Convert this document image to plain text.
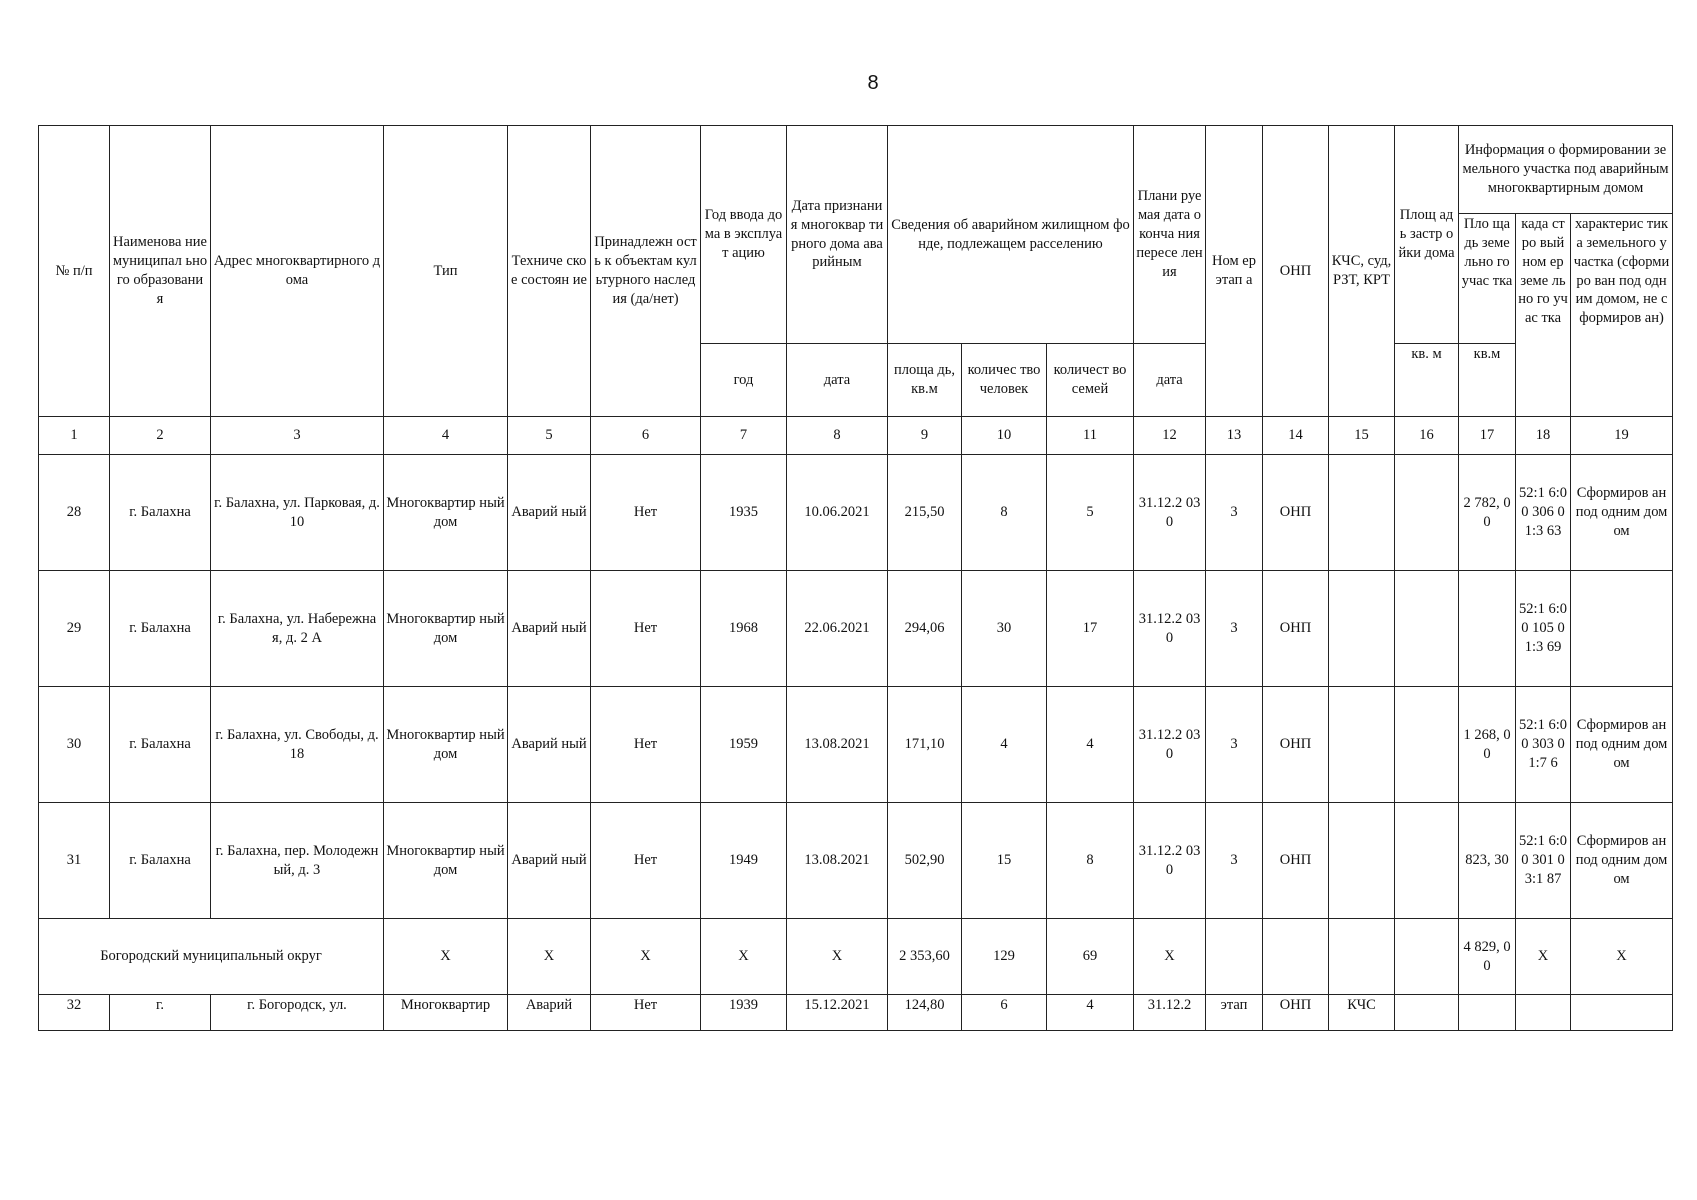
8
№ п/п	Наименова ние муниципал ьного образовани я	Адрес многоквартирного дома	Тип	Техниче ское состоян ие	Принадлежн ость к объектам культурного наследия (да/нет)	Год ввода дома в эксплуат ацию	Дата признания многоквар тирного дома аварийным	Сведения об аварийном жилищном фонде, подлежащем расселению			Плани руемая дата оконча ния пересе ления	Ном ер этап а	ОНП	КЧС, суд, РЗТ, КРТ	Площ адь застр ойки дома	Информация о формировании земельного участка под аварийным многоквартирным домом		
																Пло щадь земе льно го учас тка	када стро вый ном ер земе льно го учас тка	характерис тика земельного участка (сформиро ван под одним домом, не сформиров ан)
						год	дата	площа дь, кв.м	количес тво человек	количест во семей	дата				кв. м	кв.м		
1	2	3	4	5	6	7	8	9	10	11	12	13	14	15	16	17	18	19
28	г. Балахна	г. Балахна, ул. Парковая, д. 10	Многоквартир ный дом	Аварий ный	Нет	1935	10.06.2021	215,50	8	5	31.12.2 030	3	ОНП			2 782, 00	52:1 6:00 306 01:3 63	Сформиров ан под одним домом
29	г. Балахна	г. Балахна, ул. Набережная, д. 2 А	Многоквартир ный дом	Аварий ный	Нет	1968	22.06.2021	294,06	30	17	31.12.2 030	3	ОНП				52:1 6:00 105 01:3 69	
30	г. Балахна	г. Балахна, ул. Свободы, д. 18	Многоквартир ный дом	Аварий ный	Нет	1959	13.08.2021	171,10	4	4	31.12.2 030	3	ОНП			1 268, 00	52:1 6:00 303 01:7 6	Сформиров ан под одним домом
31	г. Балахна	г. Балахна, пер. Молодежный, д. 3	Многоквартир ный дом	Аварий ный	Нет	1949	13.08.2021	502,90	15	8	31.12.2 030	3	ОНП			823, 30	52:1 6:00 301 03:1 87	Сформиров ан под одним домом
Богородский муниципальный округ			Х	Х	Х	Х	Х	2 353,60	129	69	Х					4 829, 00	Х	Х
32	г.	г. Богородск, ул.	Многоквартир	Аварий	Нет	1939	15.12.2021	124,80	6	4	31.12.2	этап	ОНП	КЧС				
